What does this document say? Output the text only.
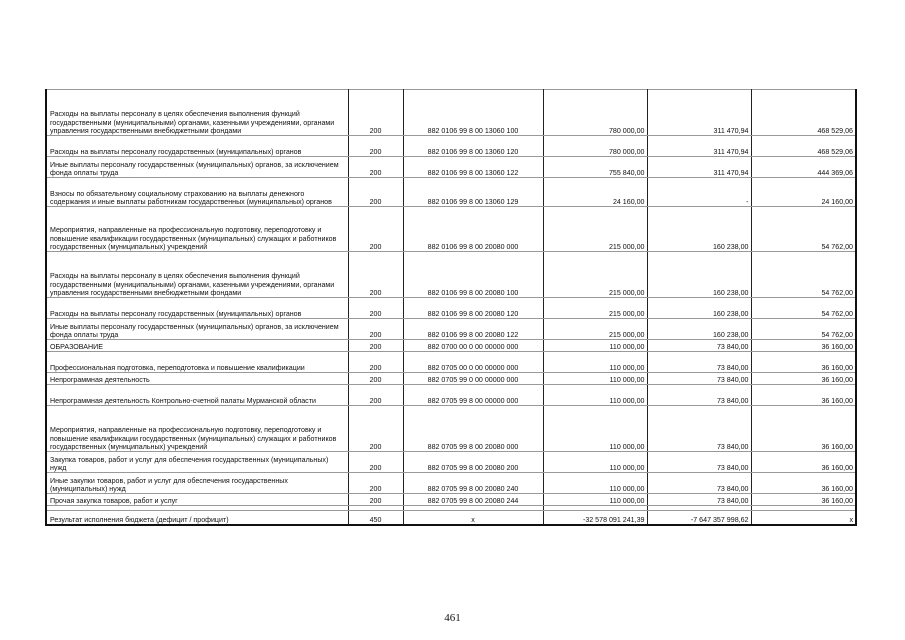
Расходы на выплаты персоналу в целях обеспечения выполнения функций государственными (муниципальными) органами, казенными учреждениями, органами управления государственными внебюджетными фондами	200	882 0106 99 8 00 13060 100	780 000,00	311 470,94	468 529,06
Расходы на выплаты персоналу государственных (муниципальных) органов	200	882 0106 99 8 00 13060 120	780 000,00	311 470,94	468 529,06
Иные выплаты персоналу государственных (муниципальных) органов, за исключением фонда оплаты труда	200	882 0106 99 8 00 13060 122	755 840,00	311 470,94	444 369,06
Взносы по обязательному социальному страхованию на выплаты денежного содержания и иные выплаты работникам государственных (муниципальных) органов	200	882 0106 99 8 00 13060 129	24 160,00	-	24 160,00
Мероприятия, направленные на профессиональную подготовку, переподготовку и повышение квалификации государственных (муниципальных) служащих и работников государственных (муниципальных) учреждений	200	882 0106 99 8 00 20080 000	215 000,00	160 238,00	54 762,00
Расходы на выплаты персоналу в целях обеспечения выполнения функций государственными (муниципальными) органами, казенными учреждениями, органами управления государственными внебюджетными фондами	200	882 0106 99 8 00 20080 100	215 000,00	160 238,00	54 762,00
Расходы на выплаты персоналу государственных (муниципальных) органов	200	882 0106 99 8 00 20080 120	215 000,00	160 238,00	54 762,00
Иные выплаты персоналу государственных (муниципальных) органов, за исключением фонда оплаты труда	200	882 0106 99 8 00 20080 122	215 000,00	160 238,00	54 762,00
ОБРАЗОВАНИЕ	200	882 0700 00 0 00 00000 000	110 000,00	73 840,00	36 160,00
Профессиональная подготовка, переподготовка и повышение квалификации	200	882 0705 00 0 00 00000 000	110 000,00	73 840,00	36 160,00
Непрограммная деятельность	200	882 0705 99 0 00 00000 000	110 000,00	73 840,00	36 160,00
Непрограммная деятельность Контрольно-счетной палаты Мурманской области	200	882 0705 99 8 00 00000 000	110 000,00	73 840,00	36 160,00
Мероприятия, направленные на профессиональную подготовку, переподготовку и повышение квалификации государственных (муниципальных) служащих и работников государственных (муниципальных) учреждений	200	882 0705 99 8 00 20080 000	110 000,00	73 840,00	36 160,00
Закупка товаров, работ и услуг для обеспечения государственных (муниципальных) нужд	200	882 0705 99 8 00 20080 200	110 000,00	73 840,00	36 160,00
Иные закупки товаров, работ и услуг для обеспечения государственных (муниципальных) нужд	200	882 0705 99 8 00 20080 240	110 000,00	73 840,00	36 160,00
Прочая закупка товаров, работ и услуг	200	882 0705 99 8 00 20080 244	110 000,00	73 840,00	36 160,00

Результат исполнения бюджета (дефицит / профицит)	450	x	-32 578 091 241,39	-7 647 357 998,62	x
461
